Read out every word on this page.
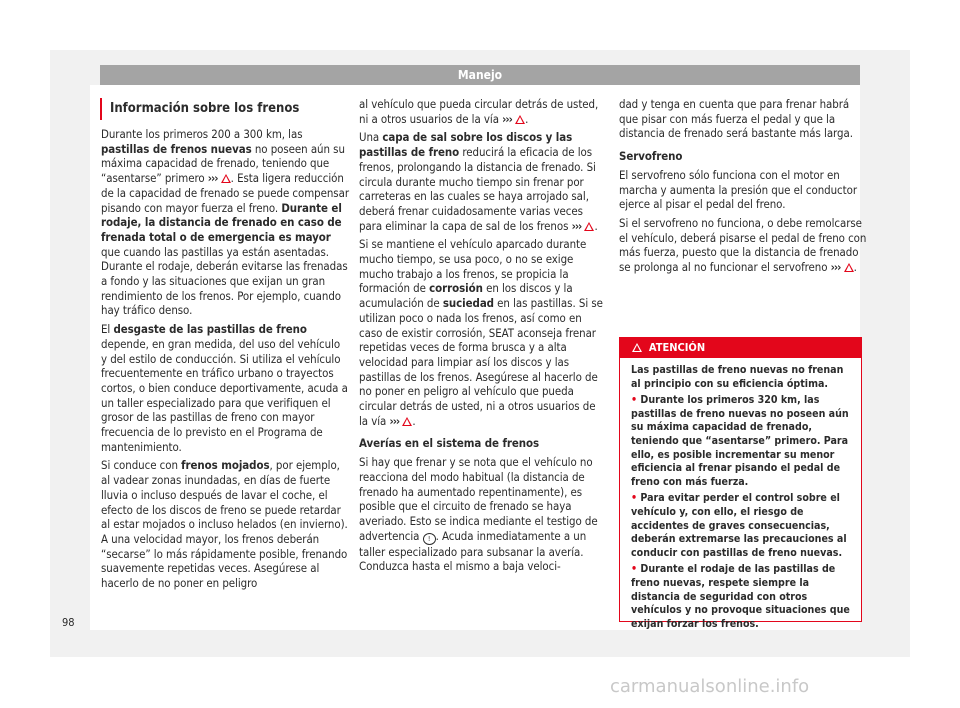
Manejo
Información sobre los frenos

Durante los primeros 200 a 300 km, las pastillas de frenos nuevas no poseen aún su máxima capacidad de frenado, teniendo que “asentarse” primero ››› . Esta ligera reducción de la capacidad de frenado se puede compensar pisando con mayor fuerza el freno. Durante el rodaje, la distancia de frenado en caso de frenada total o de emergencia es mayor que cuando las pastillas ya están asentadas. Durante el rodaje, deberán evitarse las frenadas a fondo y las situaciones que exijan un gran rendimiento de los frenos. Por ejemplo, cuando hay tráfico denso.

El desgaste de las pastillas de freno depende, en gran medida, del uso del vehículo y del estilo de conducción. Si utiliza el vehículo frecuentemente en tráfico urbano o trayectos cortos, o bien conduce deportivamente, acuda a un taller especializado para que verifiquen el grosor de las pastillas de freno con mayor frecuencia de lo previsto en el Programa de mantenimiento.

Si conduce con frenos mojados, por ejemplo, al vadear zonas inundadas, en días de fuerte lluvia o incluso después de lavar el coche, el efecto de los discos de freno se puede retardar al estar mojados o incluso helados (en invierno). A una velocidad mayor, los frenos deberán “secarse” lo más rápidamente posible, frenando suavemente repetidas veces. Asegúrese al hacerlo de no poner en peligro

al vehículo que pueda circular detrás de usted, ni a otros usuarios de la vía ››› .

Una capa de sal sobre los discos y las pastillas de freno reducirá la eficacia de los frenos, prolongando la distancia de frenado. Si circula durante mucho tiempo sin frenar por carreteras en las cuales se haya arrojado sal, deberá frenar cuidadosamente varias veces para eliminar la capa de sal de los frenos ››› .

Si se mantiene el vehículo aparcado durante mucho tiempo, se usa poco, o no se exige mucho trabajo a los frenos, se propicia la formación de corrosión en los discos y la acumulación de suciedad en las pastillas. Si se utilizan poco o nada los frenos, así como en caso de existir corrosión, SEAT aconseja frenar repetidas veces de forma brusca y a alta velocidad para limpiar así los discos y las pastillas de los frenos. Asegúrese al hacerlo de no poner en peligro al vehículo que pueda circular detrás de usted, ni a otros usuarios de la vía ››› .

Averías en el sistema de frenos

Si hay que frenar y se nota que el vehículo no reacciona del modo habitual (la distancia de frenado ha aumentado repentinamente), es posible que el circuito de frenado se haya averiado. Esto se indica mediante el testigo de advertencia ! . Acuda inmediatamente a un taller especializado para subsanar la avería. Conduzca hasta el mismo a baja veloci-

dad y tenga en cuenta que para frenar habrá que pisar con más fuerza el pedal y que la distancia de frenado será bastante más larga.

Servofreno

El servofreno sólo funciona con el motor en marcha y aumenta la presión que el conductor ejerce al pisar el pedal del freno.

Si el servofreno no funciona, o debe remolcarse el vehículo, deberá pisarse el pedal de freno con más fuerza, puesto que la distancia de frenado se prolonga al no funcionar el servofreno ››› .

ATENCIÓN

Las pastillas de freno nuevas no frenan al principio con su eficiencia óptima.

• Durante los primeros 320 km, las pastillas de freno nuevas no poseen aún su máxima capacidad de frenado, teniendo que “asentarse” primero. Para ello, es posible incrementar su menor eficiencia al frenar pisando el pedal de freno con más fuerza.

• Para evitar perder el control sobre el vehículo y, con ello, el riesgo de accidentes de graves consecuencias, deberán extremarse las precauciones al conducir con pastillas de freno nuevas.

• Durante el rodaje de las pastillas de freno nuevas, respete siempre la distancia de seguridad con otros vehículos y no provoque situaciones que exijan forzar los frenos.

98
carmanualsonline.info
